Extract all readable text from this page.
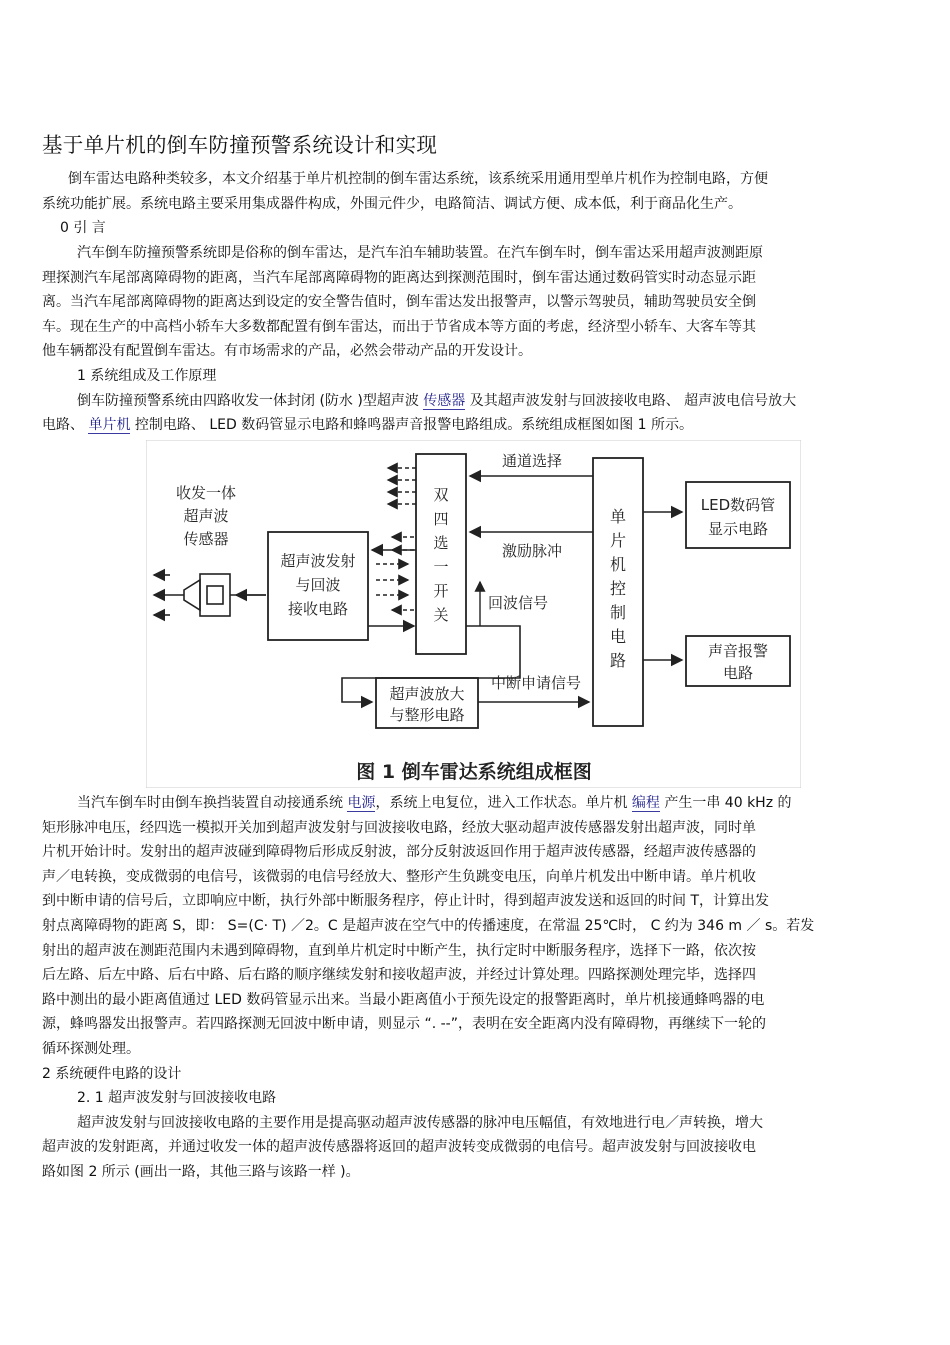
基于单片机的倒车防撞预警系统设计和实现
倒车雷达电路种类较多，本文介绍基于单片机控制的倒车雷达系统，该系统采用通用型单片机作为控制电路，方便
系统功能扩展。系统电路主要采用集成器件构成，外围元件少，电路简洁、调试方便、成本低，利于商品化生产。
0 引 言
汽车倒车防撞预警系统即是俗称的倒车雷达，是汽车泊车辅助装置。在汽车倒车时，倒车雷达采用超声波测距原
理探测汽车尾部离障碍物的距离，当汽车尾部离障碍物的距离达到探测范围时，倒车雷达通过数码管实时动态显示距
离。当汽车尾部离障碍物的距离达到设定的安全警告值时，倒车雷达发出报警声，以警示驾驶员，辅助驾驶员安全倒
车。现在生产的中高档小轿车大多数都配置有倒车雷达，而出于节省成本等方面的考虑，经济型小轿车、大客车等其
他车辆都没有配置倒车雷达。有市场需求的产品，必然会带动产品的开发设计。
1 系统组成及工作原理
倒车防撞预警系统由四路收发一体封闭 (防水 )型超声波 传感器 及其超声波发射与回波接收电路、 超声波电信号放大
电路、 单片机 控制电路、 LED 数码管显示电路和蜂鸣器声音报警电路组成。系统组成框图如图 1 所示。
收发一体
超声波
传感器
超声波发射
与回波
接收电路
双
四
选
一
开
关
单
片
机
控
制
电
路
通道选择
激励脉冲
回波信号
超声波放大
与整形电路
中断申请信号
LED数码管
显示电路
声音报警
电路
图 1 倒车雷达系统组成框图
当汽车倒车时由倒车换挡装置自动接通系统 电源，系统上电复位，进入工作状态。单片机 编程 产生一串 40 kHz 的
矩形脉冲电压，经四选一模拟开关加到超声波发射与回波接收电路，经放大驱动超声波传感器发射出超声波，同时单
片机开始计时。发射出的超声波碰到障碍物后形成反射波，部分反射波返回作用于超声波传感器，经超声波传感器的
声／电转换，变成微弱的电信号，该微弱的电信号经放大、整形产生负跳变电压，向单片机发出中断申请。单片机收
到中断申请的信号后，立即响应中断，执行外部中断服务程序，停止计时，得到超声波发送和返回的时间 T，计算出发
射点离障碍物的距离 S，即： S=(C· T) ／2。C 是超声波在空气中的传播速度，在常温 25℃时， C 约为 346 m ／ s。若发
射出的超声波在测距范围内未遇到障碍物，直到单片机定时中断产生，执行定时中断服务程序，选择下一路，依次按
后左路、后左中路、后右中路、后右路的顺序继续发射和接收超声波，并经过计算处理。四路探测处理完毕，选择四
路中测出的最小距离值通过 LED 数码管显示出来。当最小距离值小于预先设定的报警距离时，单片机接通蜂鸣器的电
源，蜂鸣器发出报警声。若四路探测无回波中断申请，则显示 “. --”，表明在安全距离内没有障碍物，再继续下一轮的
循环探测处理。
2 系统硬件电路的设计
2. 1 超声波发射与回波接收电路
超声波发射与回波接收电路的主要作用是提高驱动超声波传感器的脉冲电压幅值，有效地进行电／声转换，增大
超声波的发射距离，并通过收发一体的超声波传感器将返回的超声波转变成微弱的电信号。超声波发射与回波接收电
路如图 2 所示 (画出一路，其他三路与该路一样 )。
